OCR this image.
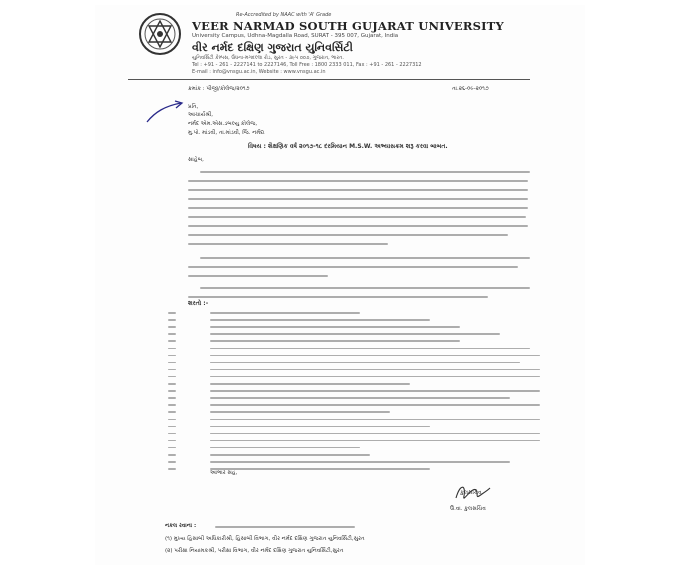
Re-Accredited by NAAC with 'A' Grade
VEER NARMAD SOUTH GUJARAT UNIVERSITY
University Campus, Udhna-Magdalla Road, SURAT - 395 007, Gujarat, India
વીર નર્મદ દક્ષિણ ગુજરાત યુનિવર્સિટી
યુનિવર્સિટી કેમ્પસ, ઉધના-મગદલ્લા રોડ, સુરત - ૩૯૫ ૦૦૭, ગુજરાત, ભારત.
Tel : +91 - 261 - 2227141 to 2227146, Toll Free : 1800 2333 011, Fax : +91 - 261 - 2227312
E-mail : info@vnsgu.ac.in, Website : www.vnsgu.ac.in
ક્રમાંક : પીજી/કોલેજ/૨૦૧૭	તા.૨૬-૦૯-૨૦૧૭
પ્રતિ,
આચાર્યશ્રી,
નર્મદ એમ.એસ.ડબલ્યુ કોલેજ,
મુ.પો. માંડવી, તા.માંડવી, જિ. નર્મદા
વિષય : શૈક્ષણિક વર્ષ ૨૦૧૭-૧૮ દરમિયાન M.S.W. અભ્યાસક્રમ શરૂ કરવા બાબત.
સાહેબ,
શરતો :-
આભાર સહ,
કુલસચિવ
ઉ.વા. કુલસચિવ
નકલ રવાના :
(૧) મુખ્ય હિસાબી અધિકારીશ્રી, હિસાબી વિભાગ, વીર નર્મદ દક્ષિણ ગુજરાત યુનિવર્સિટી,સુરત
(૨) પરીક્ષા નિયામકશ્રી, પરીક્ષા વિભાગ, વીર નર્મદ દક્ષિણ ગુજરાત યુનિવર્સિટી,સુરત
